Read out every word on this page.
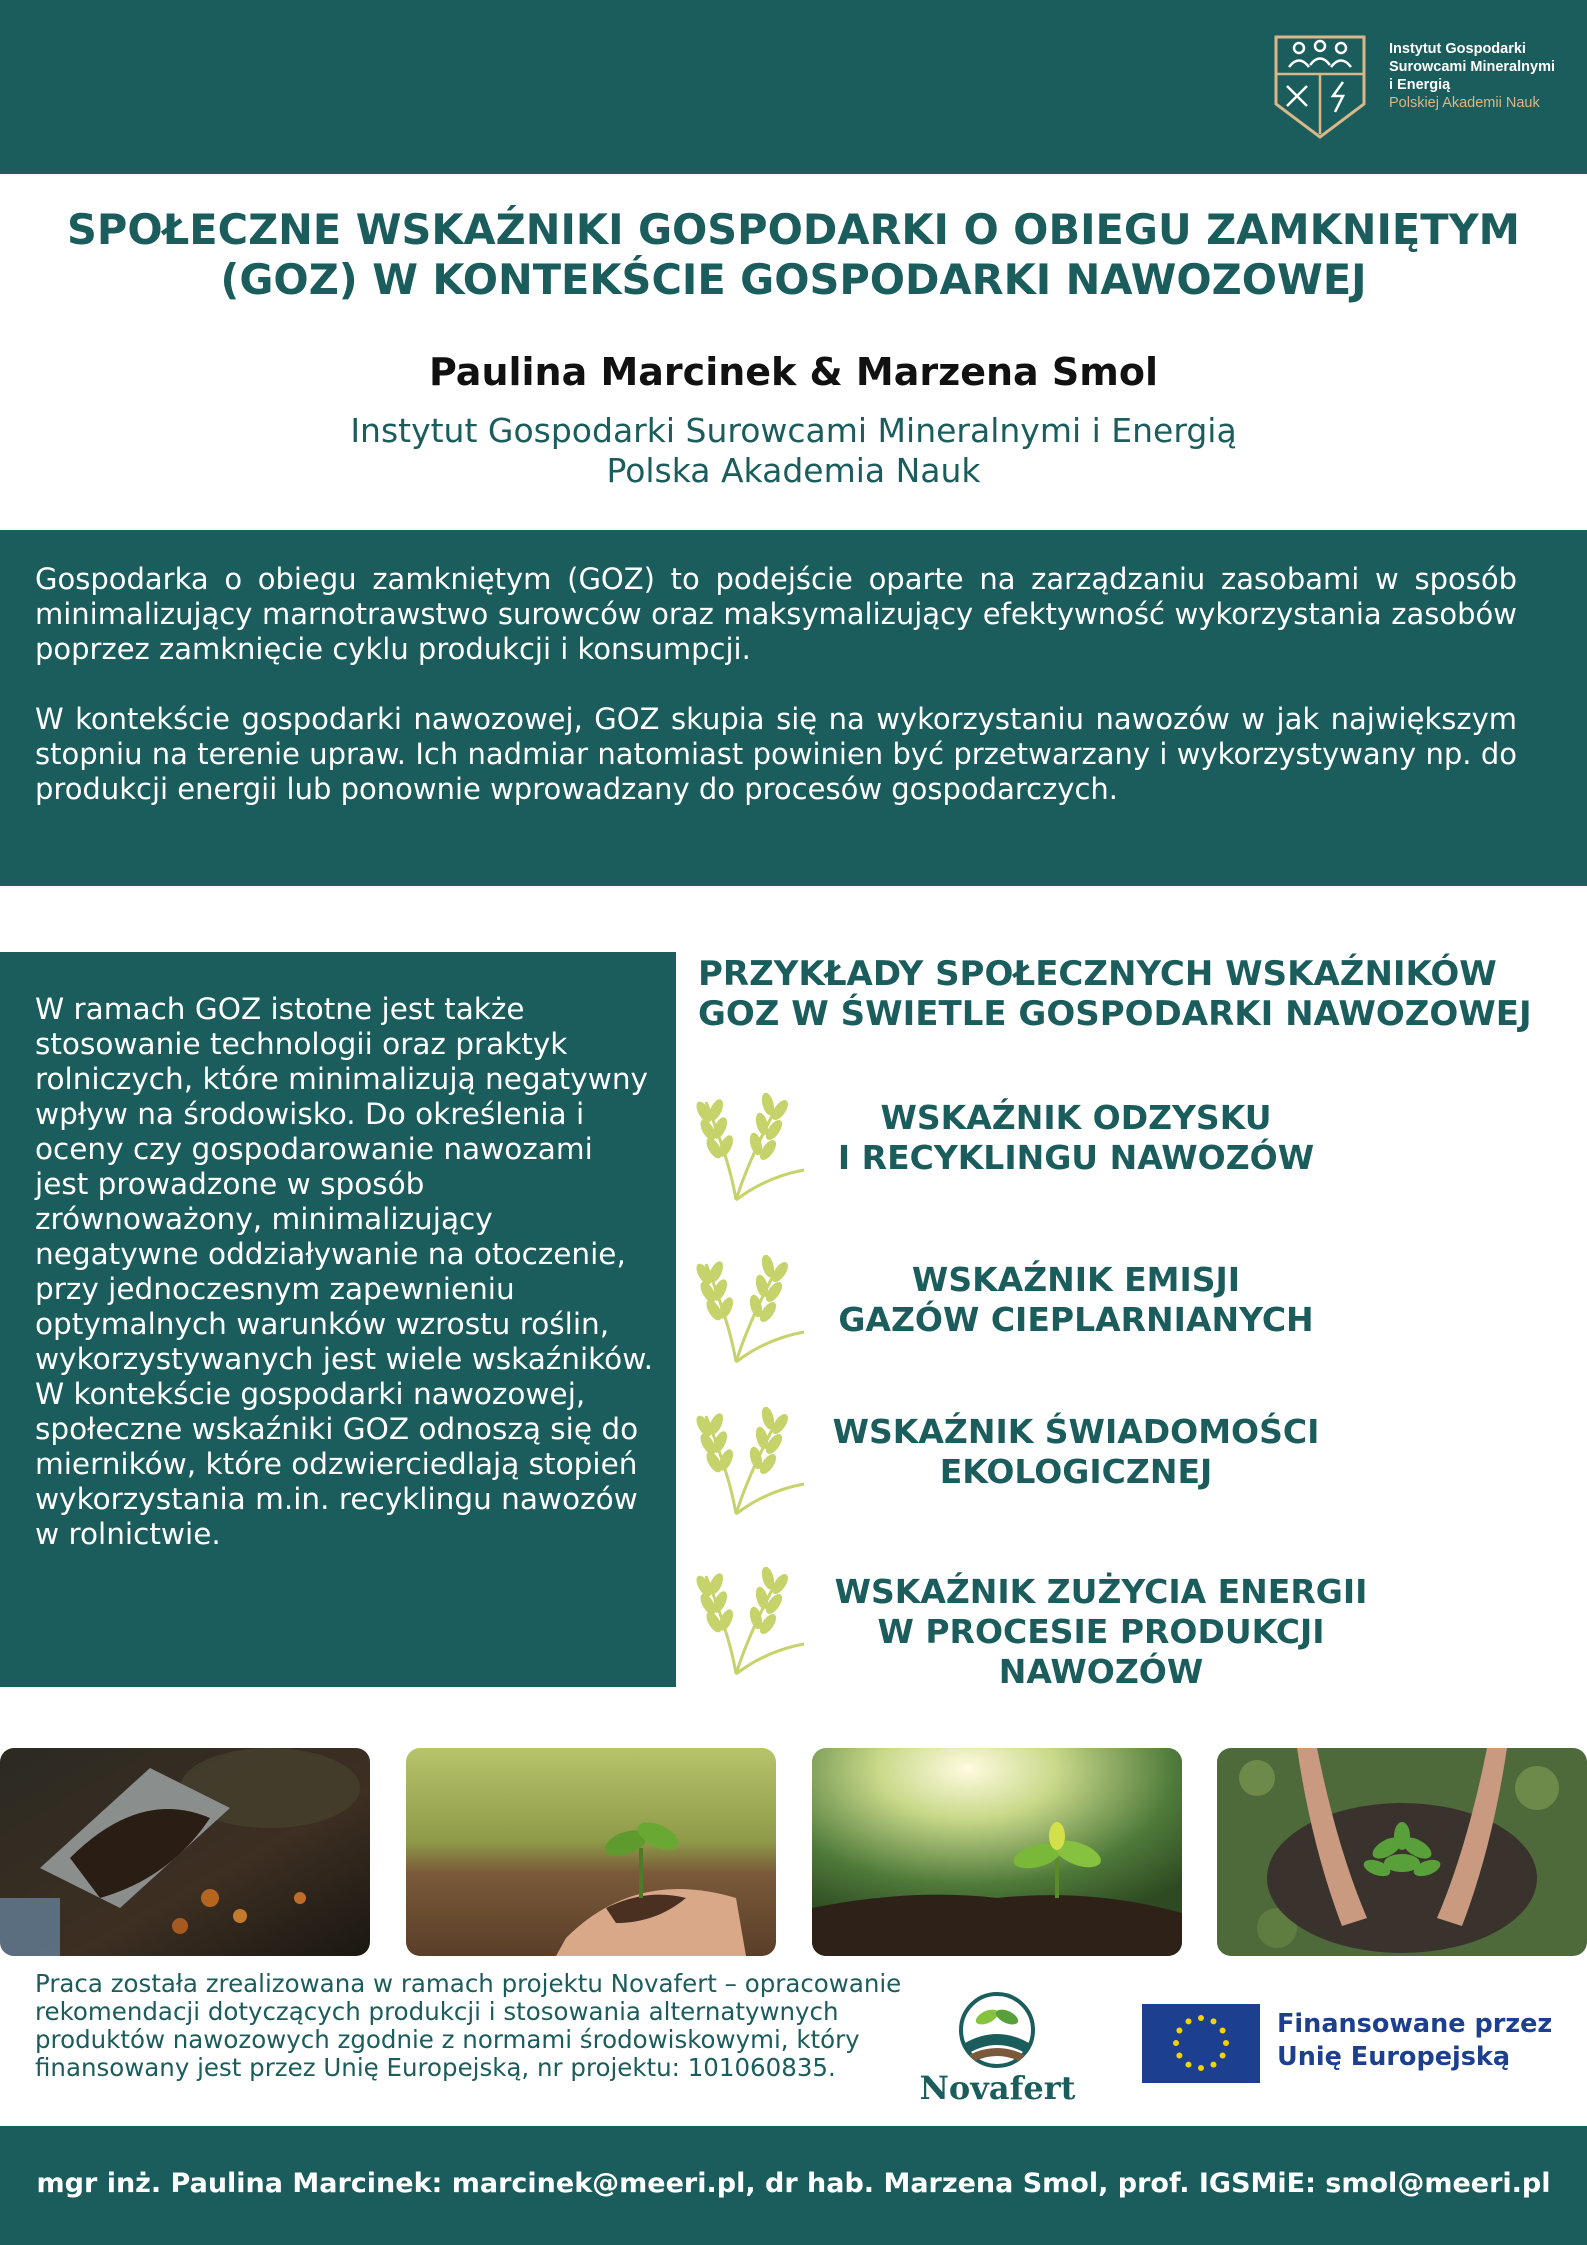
Instytut Gospodarki
Surowcami Mineralnymi
i Energią
Polskiej Akademii Nauk
SPOŁECZNE WSKAŹNIKI GOSPODARKI O OBIEGU ZAMKNIĘTYM
(GOZ) W KONTEKŚCIE GOSPODARKI NAWOZOWEJ

Paulina Marcinek & Marzena Smol

Instytut Gospodarki Surowcami Mineralnymi i Energią
Polska Akademia Nauk

Gospodarka o obiegu zamkniętym (GOZ) to podejście oparte na zarządzaniu zasobami w sposób minimalizujący marnotrawstwo surowców oraz maksymalizujący efektywność wykorzystania zasobów poprzez zamknięcie cyklu produkcji i konsumpcji.

W kontekście gospodarki nawozowej, GOZ skupia się na wykorzystaniu nawozów w jak największym stopniu na terenie upraw. Ich nadmiar natomiast powinien być przetwarzany i wykorzystywany np. do produkcji energii lub ponownie wprowadzany do procesów gospodarczych.

W ramach GOZ istotne jest także stosowanie technologii oraz praktyk rolniczych, które minimalizują negatywny wpływ na środowisko. Do określenia i oceny czy gospodarowanie nawozami jest prowadzone w sposób zrównoważony, minimalizujący negatywne oddziaływanie na otoczenie, przy jednoczesnym zapewnieniu optymalnych warunków wzrostu roślin, wykorzystywanych jest wiele wskaźników. W kontekście gospodarki nawozowej, społeczne wskaźniki GOZ odnoszą się do mierników, które odzwierciedlają stopień wykorzystania m.in. recyklingu nawozów w rolnictwie.

PRZYKŁADY SPOŁECZNYCH WSKAŹNIKÓW
GOZ W ŚWIETLE GOSPODARKI NAWOZOWEJ

WSKAŹNIK ODZYSKU
I RECYKLINGU NAWOZÓW

WSKAŹNIK EMISJI
GAZÓW CIEPLARNIANYCH

WSKAŹNIK ŚWIADOMOŚCI
EKOLOGICZNEJ

WSKAŹNIK ZUŻYCIA ENERGII
W PROCESIE PRODUKCJI NAWOZÓW

Praca została zrealizowana w ramach projektu Novafert – opracowanie rekomendacji dotyczących produkcji i stosowania alternatywnych produktów nawozowych zgodnie z normami środowiskowymi, który finansowany jest przez Unię Europejską, nr projektu: 101060835.

Novafert

Finansowane przez
Unię Europejską

mgr inż. Paulina Marcinek: marcinek@meeri.pl, dr hab. Marzena Smol, prof. IGSMiE: smol@meeri.pl
